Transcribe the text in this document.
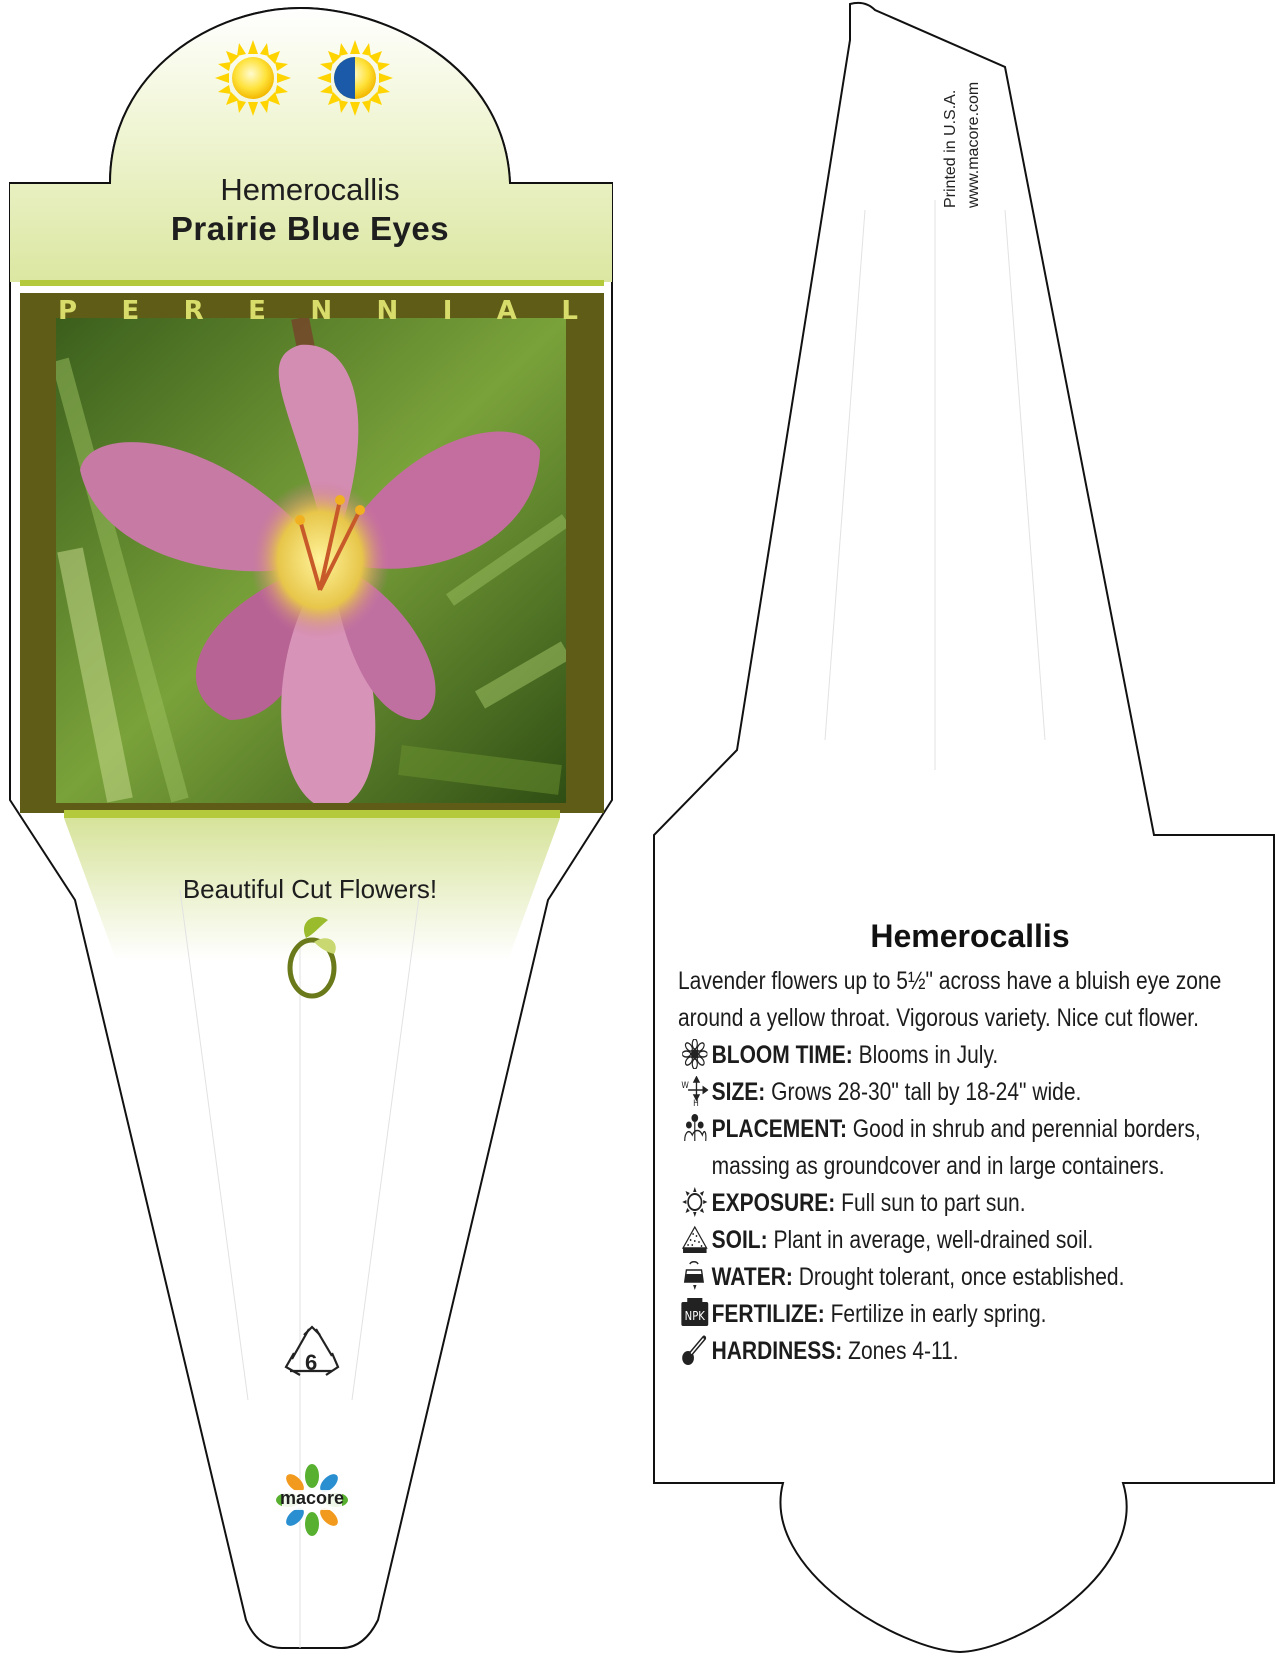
Hemerocallis
Prairie Blue Eyes
P E R E N N I A L
Beautiful Cut Flowers!
6
macore
Printed in U.S.A. www.macore.com
Hemerocallis
Lavender flowers up to 5½" across have a bluish eye zone around a yellow throat. Vigorous variety. Nice cut flower.
BLOOM TIME: Blooms in July.
W
H SIZE: Grows 28-30" tall by 18-24" wide.
PLACEMENT: Good in shrub and perennial borders, massing as groundcover and in large containers.
EXPOSURE: Full sun to part sun.
SOIL: Plant in average, well-drained soil.
WATER: Drought tolerant, once established.
NPK FERTILIZE: Fertilize in early spring.
HARDINESS: Zones 4-11.
